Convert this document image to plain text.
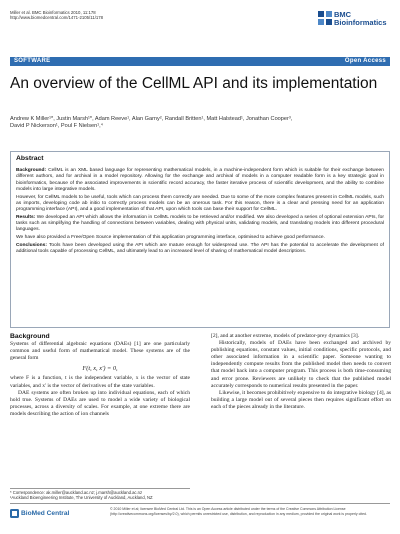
Miller et al. BMC Bioinformatics 2010, 11:178
http://www.biomedcentral.com/1471-2105/11/178	BMC
Bioinformatics
SOFTWARE	Open Access
An overview of the CellML API and its implementation
Andrew K Miller¹*, Justin Marsh¹*, Adam Reeve¹, Alan Garny², Randall Britten¹, Matt Halstead¹, Jonathan Cooper³,
David P Nickerson¹, Poul F Nielsen¹,⁴
Abstract

Background: CellML is an XML based language for representing mathematical models, in a machine-independent form which is suitable for their exchange between different authors, and for archival in a model repository. Allowing for the exchange and archival of models in a computer readable form is a key strategic goal in bioinformatics, because of the associated improvements in scientific record accuracy, the faster iterative process of scientific development, and the ability to combine models into large integrative models.

However, for CellML models to be useful, tools which can process them correctly are needed. Due to some of the more complex features present in CellML models, such as imports, developing code ab initio to correctly process models can be an onerous task. For this reason, there is a clear and pressing need for an application programming interface (API), and a good implementation of that API, upon which tools can base their support for CellML.

Results: We developed an API which allows the information in CellML models to be retrieved and/or modified. We also developed a series of optional extension APIs, for tasks such as simplifying the handling of connections between variables, dealing with physical units, validating models, and translating models into different procedural languages.

We have also provided a Free/Open Source implementation of this application programming interface, optimised to achieve good performance.

Conclusions: Tools have been developed using the API which are mature enough for widespread use. The API has the potential to accelerate the development of additional tools capable of processing CellML, and ultimately lead to an increased level of sharing of mathematical model descriptions.

Background

Systems of differential algebraic equations (DAEs) [1] are one particularly common and useful form of mathematical model. These systems are of the general form

F(t, x, x') = 0,

where F is a function, t is the independent variable, x is the vector of state variables, and x' is the vector of derivatives of the state variables.

DAE systems are often broken up into individual equations, each of which hold true. Systems of DAEs are used to model a wide variety of biological processes, across a diversity of scales. For example, at one extreme there are models describing the action of ion channels

[2], and at another extreme, models of predator-prey dynamics [3].

Historically, models of DAEs have been exchanged and archived by publishing equations, constant values, initial conditions, specific protocols, and other associated information in a scientific paper. Someone wanting to independently compute results from the published model then needs to convert that model back into a computer program. This process is both time-consuming and error prone. Reviewers are unlikely to check that the published model accurately corresponds to numerical results presented in the paper.

Likewise, it becomes prohibitively expensive to do integrative biology [4], as building a large model out of several pieces then requires significant effort on each of the pieces already in the literature.

* Correspondence: ak.miller@auckland.ac.nz; j.marsh@auckland.ac.nz
¹Auckland Bioengineering Institute, The University of Auckland, Auckland, NZ
BioMed Central
© 2010 Miller et al; licensee BioMed Central Ltd. This is an Open Access article distributed under the terms of the Creative Commons Attribution License (http://creativecommons.org/licenses/by/2.0), which permits unrestricted use, distribution, and reproduction in any medium, provided the original work is properly cited.
